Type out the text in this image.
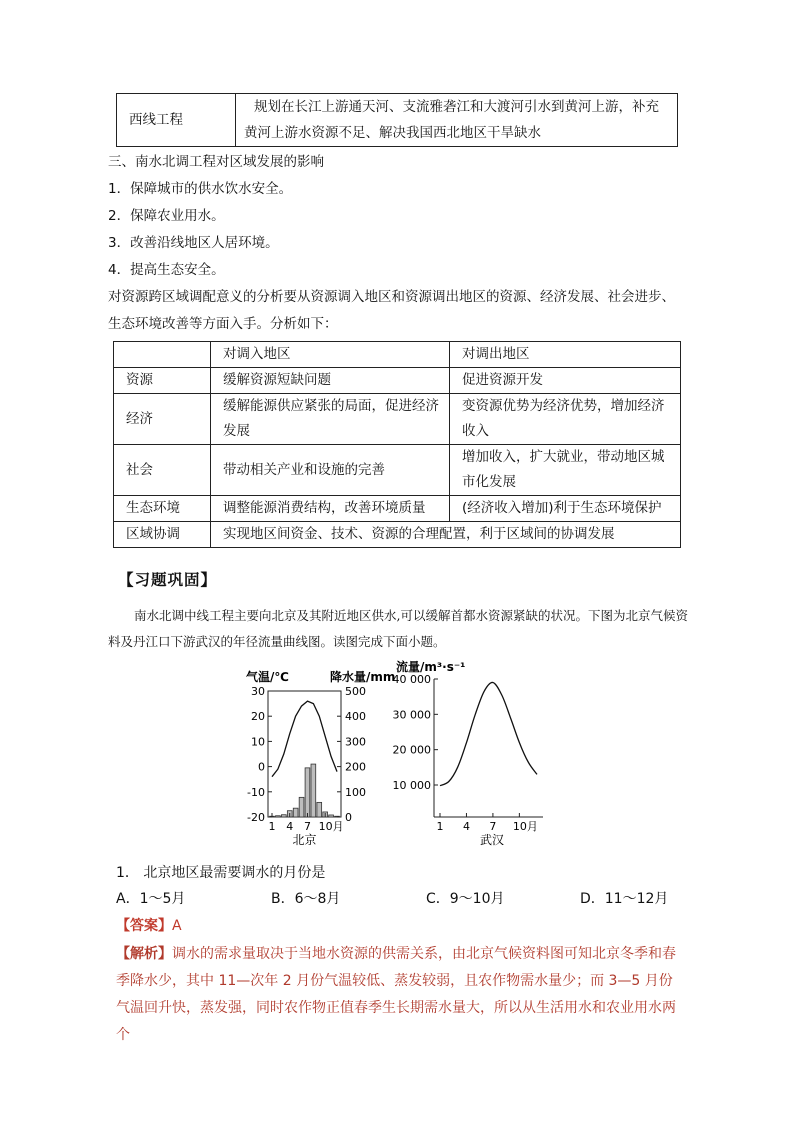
西线工程	规划在长江上游通天河、支流雅砻江和大渡河引水到黄河上游，补充黄河上游水资源不足、解决我国西北地区干旱缺水
三、南水北调工程对区域发展的影响
1．保障城市的供水饮水安全。
2．保障农业用水。
3．改善沿线地区人居环境。
4．提高生态安全。
对资源跨区域调配意义的分析要从资源调入地区和资源调出地区的资源、经济发展、社会进步、生态环境改善等方面入手。分析如下：
	对调入地区	对调出地区
资源	缓解资源短缺问题	促进资源开发
经济	缓解能源供应紧张的局面，促进经济发展	变资源优势为经济优势，增加经济收入
社会	带动相关产业和设施的完善	增加收入，扩大就业，带动地区城市化发展
生态环境	调整能源消费结构，改善环境质量	(经济收入增加)利于生态环境保护
区域协调	实现地区间资金、技术、资源的合理配置，利于区域间的协调发展	
【习题巩固】
南水北调中线工程主要向北京及其附近地区供水,可以缓解首都水资源紧缺的状况。下图为北京气候资料及丹江口下游武汉的年径流量曲线图。读图完成下面小题。
30
20
10
0
-10
-20
500
400
300
200
100
0
1 4 7 10月
气温/℃	降水量/mm
北京
40 000
30 000
20 000
10 000
1 4 7 10月
流量/m³·s⁻¹
武汉
1． 北京地区最需要调水的月份是
A．1～5月	B．6～8月	C．9～10月	D．11～12月
【答案】A
【解析】调水的需求量取决于当地水资源的供需关系，由北京气候资料图可知北京冬季和春季降水少，其中 11—次年 2 月份气温较低、蒸发较弱，且农作物需水量少；而 3—5 月份气温回升快，蒸发强，同时农作物正值春季生长期需水量大，所以从生活用水和农业用水两个
